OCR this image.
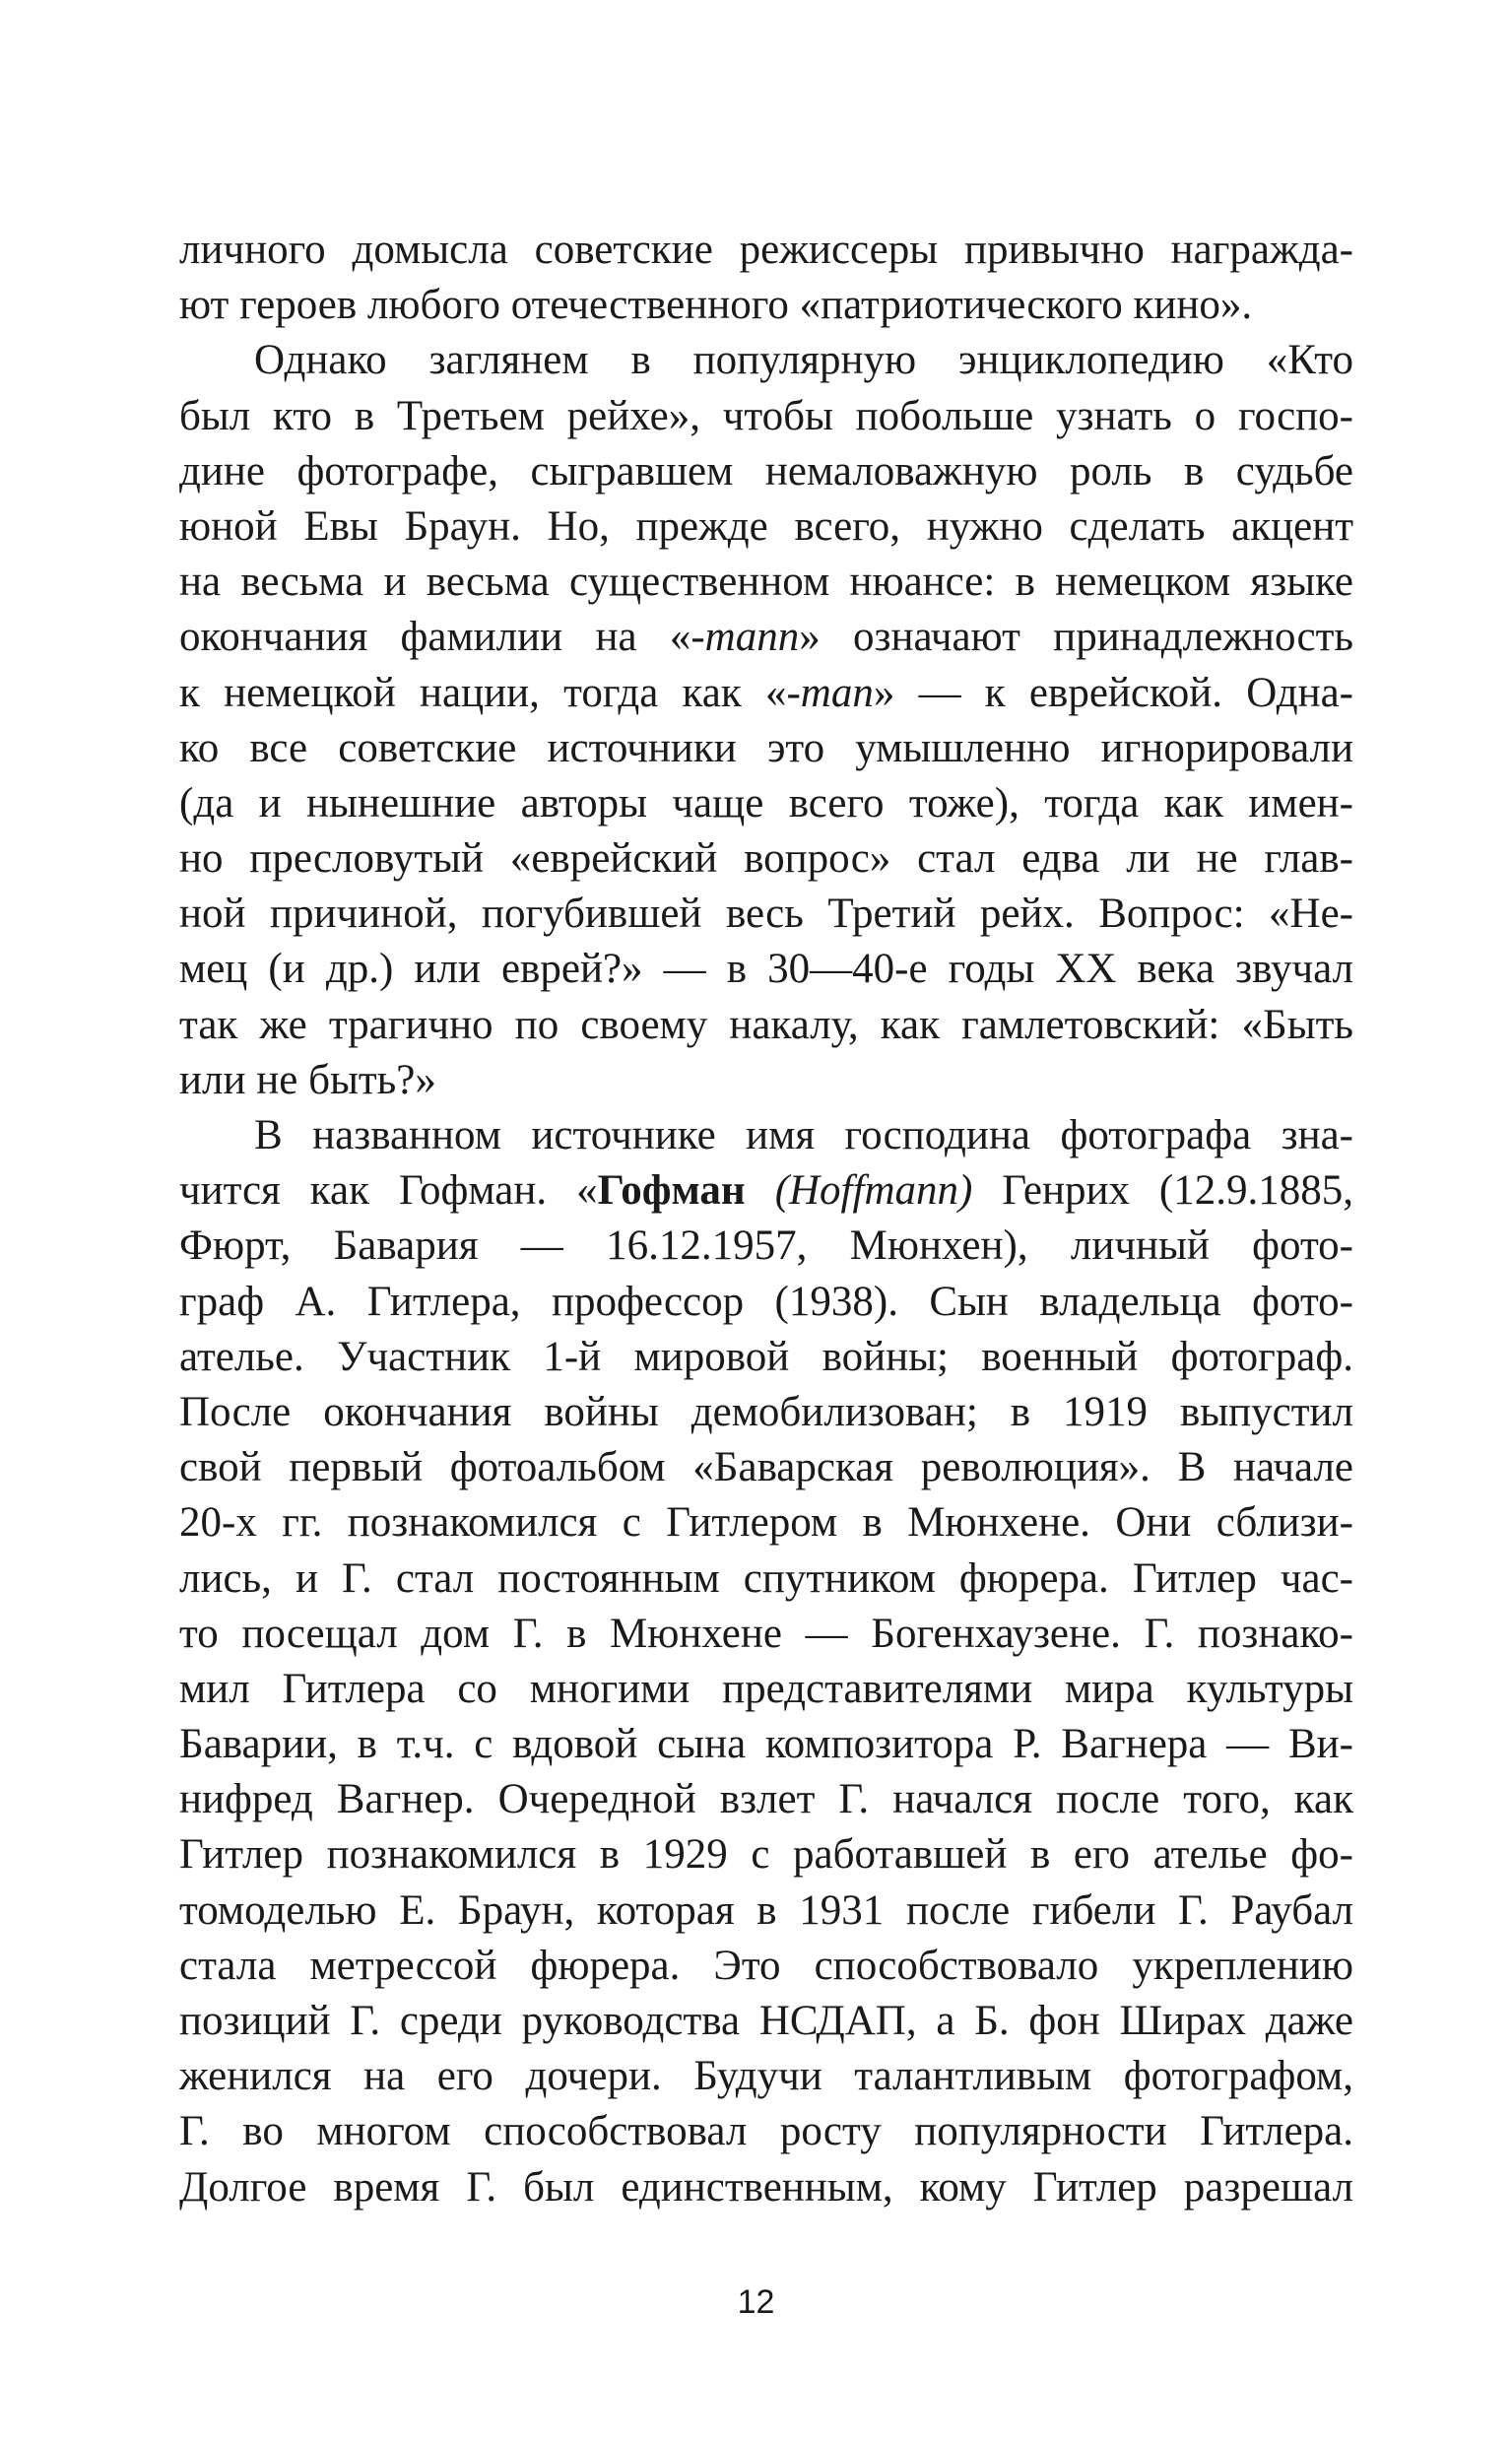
личного домысла советские режиссеры привычно награжда-
ют героев любого отечественного «патриотического кино».
Однако заглянем в популярную энциклопедию «Кто
был кто в Третьем рейхе», чтобы побольше узнать о госпо-
дине фотографе, сыгравшем немаловажную роль в судьбе
юной Евы Браун. Но, прежде всего, нужно сделать акцент
на весьма и весьма существенном нюансе: в немецком языке
окончания фамилии на «-mann» означают принадлежность
к немецкой нации, тогда как «-man» — к еврейской. Одна-
ко все советские источники это умышленно игнорировали
(да и нынешние авторы чаще всего тоже), тогда как имен-
но пресловутый «еврейский вопрос» стал едва ли не глав-
ной причиной, погубившей весь Третий рейх. Вопрос: «Не-
мец (и др.) или еврей?» — в 30—40-е годы XX века звучал
так же трагично по своему накалу, как гамлетовский: «Быть
или не быть?»
В названном источнике имя господина фотографа зна-
чится как Гофман. «Гофман (Hoffmann) Генрих (12.9.1885,
Фюрт, Бавария — 16.12.1957, Мюнхен), личный фото-
граф А. Гитлера, профессор (1938). Сын владельца фото-
ателье. Участник 1-й мировой войны; военный фотограф.
После окончания войны демобилизован; в 1919 выпустил
свой первый фотоальбом «Баварская революция». В начале
20-х гг. познакомился с Гитлером в Мюнхене. Они сблизи-
лись, и Г. стал постоянным спутником фюрера. Гитлер час-
то посещал дом Г. в Мюнхене — Богенхаузене. Г. познако-
мил Гитлера со многими представителями мира культуры
Баварии, в т.ч. с вдовой сына композитора Р. Вагнера — Ви-
нифред Вагнер. Очередной взлет Г. начался после того, как
Гитлер познакомился в 1929 с работавшей в его ателье фо-
томоделью Е. Браун, которая в 1931 после гибели Г. Раубал
стала метрессой фюрера. Это способствовало укреплению
позиций Г. среди руководства НСДАП, а Б. фон Ширах даже
женился на его дочери. Будучи талантливым фотографом,
Г. во многом способствовал росту популярности Гитлера.
Долгое время Г. был единственным, кому Гитлер разрешал
12
